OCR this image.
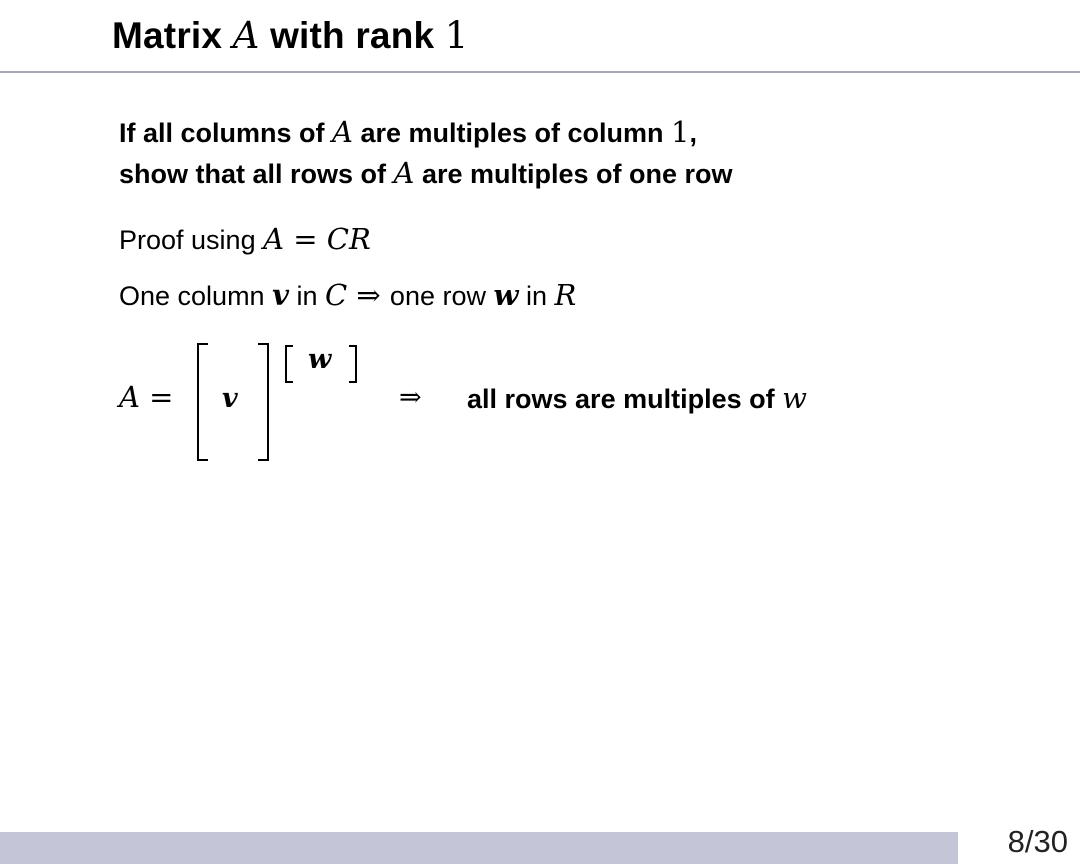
Matrix A with rank 1
If all columns of A are multiples of column 1,
show that all rows of A are multiples of one row
Proof using A = CR
One column v in C ⇒ one row w in R
A = v
w
⇒ all rows are multiples of w
8/30
